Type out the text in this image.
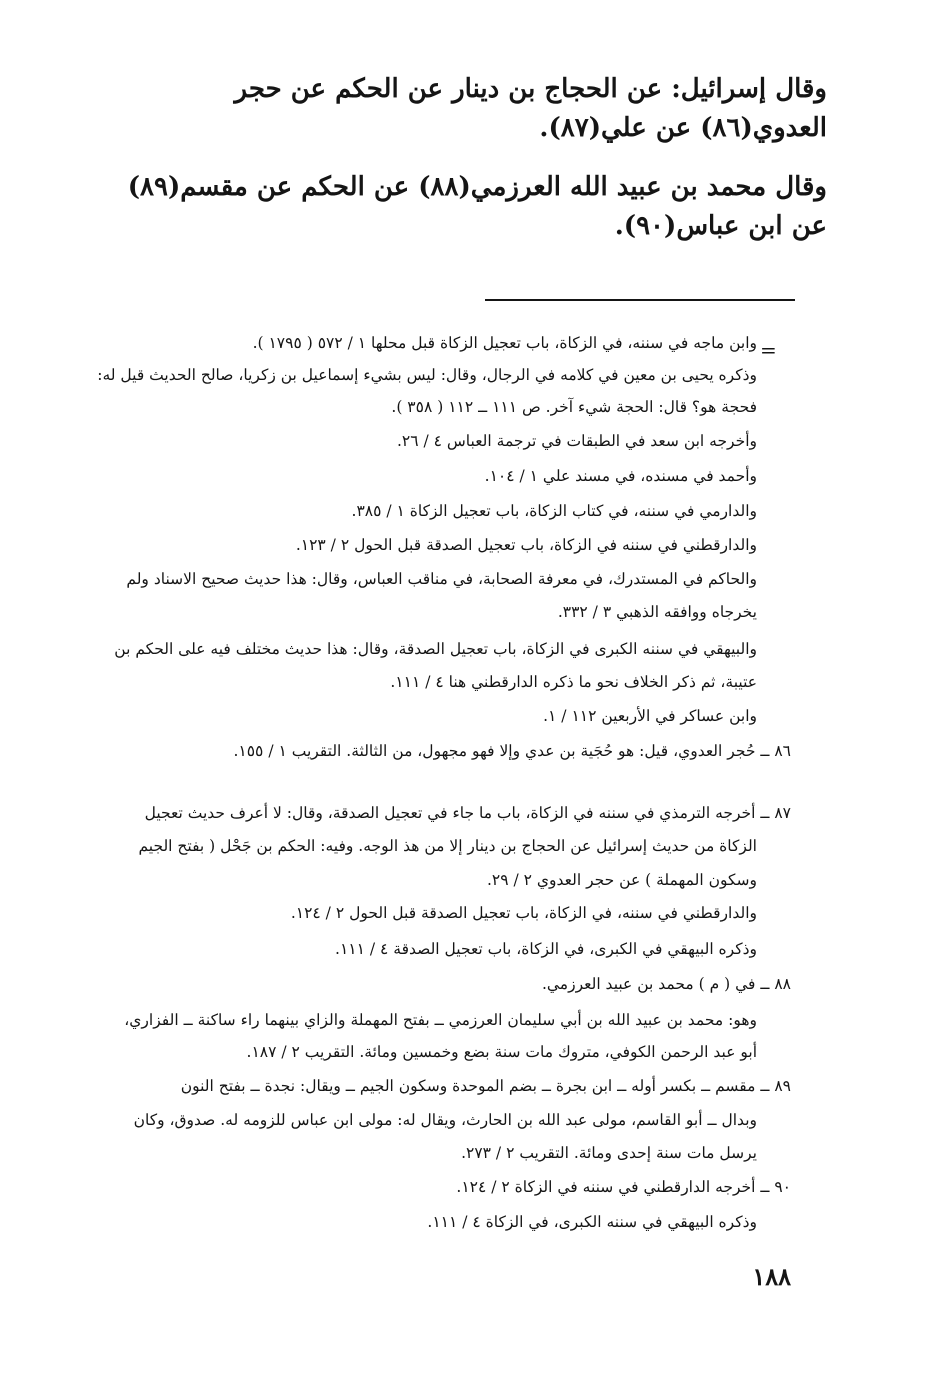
وقال إسرائيل: عن الحجاج بن دينار عن الحكم عن حجر العدوي(٨٦) عن علي(٨٧).

وقال محمد بن عبيد الله العرزمي(٨٨) عن الحكم عن مقسم(٨٩) عن ابن عباس(٩٠).

=
وابن ماجه في سننه، في الزكاة، باب تعجيل الزكاة قبل محلها ١ / ٥٧٢ ( ١٧٩٥ ).
وذكره يحيى بن معين في كلامه في الرجال، وقال: ليس بشيء إسماعيل بن زكريا، صالح الحديث قيل له:
فحجة هو؟ قال: الحجة شيء آخر. ص ١١١ ــ ١١٢ ( ٣٥٨ ).
وأخرجه ابن سعد في الطبقات في ترجمة العباس ٤ / ٢٦.
وأحمد في مسنده، في مسند علي ١ / ١٠٤.
والدارمي في سننه، في كتاب الزكاة، باب تعجيل الزكاة ١ / ٣٨٥.
والدارقطني في سننه في الزكاة، باب تعجيل الصدقة قبل الحول ٢ / ١٢٣.
والحاكم في المستدرك، في معرفة الصحابة، في مناقب العباس، وقال: هذا حديث صحيح الاسناد ولم
يخرجاه ووافقه الذهبي ٣ / ٣٣٢.
والبيهقي في سننه الكبرى في الزكاة، باب تعجيل الصدقة، وقال: هذا حديث مختلف فيه على الحكم بن
عتيبة، ثم ذكر الخلاف نحو ما ذكره الدارقطني هنا ٤ / ١١١.
وابن عساكر في الأربعين ١١٢ / ١.
٨٦ ــ حُجر العدوي، قيل: هو حُجَية بن عدي وإلا فهو مجهول، من الثالثة. التقريب ١ / ١٥٥.
٨٧ ــ أخرجه الترمذي في سننه في الزكاة، باب ما جاء في تعجيل الصدقة، وقال: لا أعرف حديث تعجيل
الزكاة من حديث إسرائيل عن الحجاج بن دينار إلا من هذ الوجه. وفيه: الحكم بن جَحْل ( بفتح الجيم
وسكون المهملة ) عن حجر العدوي ٢ / ٢٩.
والدارقطني في سننه، في الزكاة، باب تعجيل الصدقة قبل الحول ٢ / ١٢٤.
وذكره البيهقي في الكبرى، في الزكاة، باب تعجيل الصدقة ٤ / ١١١.
٨٨ ــ في ( م ) محمد بن عبيد العرزمي.
وهو: محمد بن عبيد الله بن أبي سليمان العرزمي ــ بفتح المهملة والزاي بينهما راء ساكنة ــ الفزاري،
أبو عبد الرحمن الكوفي، متروك مات سنة بضع وخمسين ومائة. التقريب ٢ / ١٨٧.
٨٩ ــ مقسم ــ بكسر أوله ــ ابن بجرة ــ بضم الموحدة وسكون الجيم ــ ويقال: نجدة ــ بفتح النون
وبدال ــ أبو القاسم، مولى عبد الله بن الحارث، ويقال له: مولى ابن عباس للزومه له. صدوق، وكان
يرسل مات سنة إحدى ومائة. التقريب ٢ / ٢٧٣.
٩٠ ــ أخرجه الدارقطني في سننه في الزكاة ٢ / ١٢٤.
وذكره البيهقي في سننه الكبرى، في الزكاة ٤ / ١١١.
١٨٨
